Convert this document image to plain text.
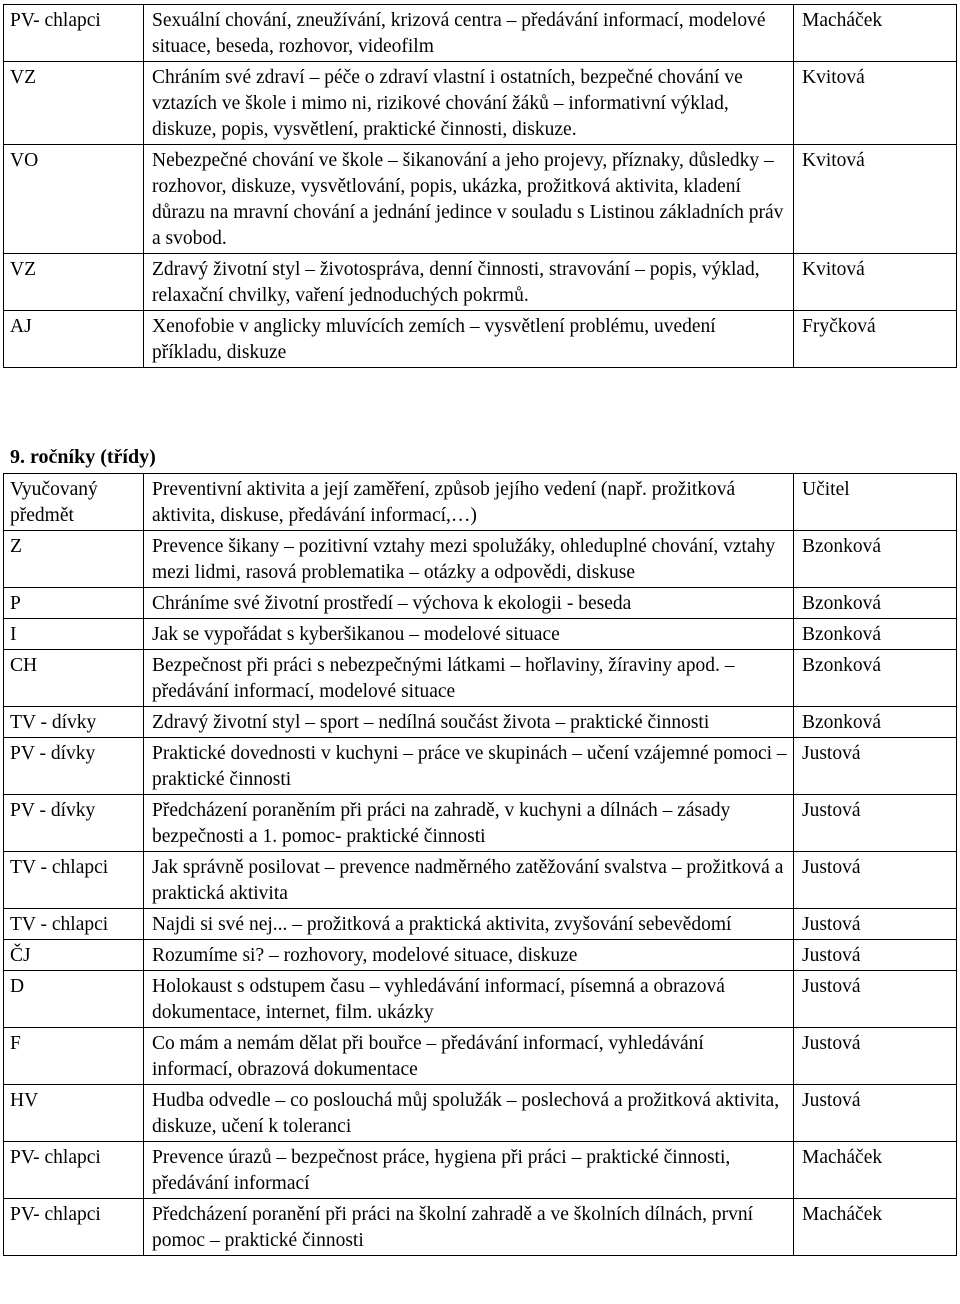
PV- chlapci	Sexuální chování, zneužívání, krizová centra – předávání informací, modelové situace, beseda, rozhovor, videofilm	Macháček
VZ	Chráním své zdraví – péče o zdraví vlastní i ostatních, bezpečné chování ve vztazích ve škole i mimo ni, rizikové chování žáků – informativní výklad, diskuze, popis, vysvětlení, praktické činnosti, diskuze.	Kvitová
VO	Nebezpečné chování ve škole – šikanování a jeho projevy, příznaky, důsledky – rozhovor, diskuze, vysvětlování, popis, ukázka, prožitková aktivita, kladení důrazu na mravní chování a jednání jedince v souladu s Listinou základních práv a svobod.	Kvitová
VZ	Zdravý životní styl – životospráva, denní činnosti, stravování – popis, výklad, relaxační chvilky, vaření jednoduchých pokrmů.	Kvitová
AJ	Xenofobie v anglicky mluvících zemích – vysvětlení problému, uvedení příkladu, diskuze	Fryčková
9. ročníky (třídy)
Vyučovaný předmět	Preventivní aktivita a její zaměření, způsob jejího vedení (např. prožitková aktivita, diskuse, předávání informací,…)	Učitel
Z	Prevence šikany – pozitivní vztahy mezi spolužáky, ohleduplné chování, vztahy mezi lidmi, rasová problematika – otázky a odpovědi, diskuse	Bzonková
P	Chráníme své životní prostředí – výchova k ekologii - beseda	Bzonková
I	Jak se vypořádat s kyberšikanou – modelové situace	Bzonková
CH	Bezpečnost při práci s nebezpečnými látkami – hořlaviny, žíraviny apod. – předávání informací, modelové situace	Bzonková
TV - dívky	Zdravý životní styl – sport – nedílná součást života – praktické činnosti	Bzonková
PV - dívky	Praktické dovednosti v kuchyni – práce ve skupinách – učení vzájemné pomoci – praktické činnosti	Justová
PV - dívky	Předcházení poraněním při práci na zahradě, v kuchyni a dílnách – zásady bezpečnosti a 1. pomoc- praktické činnosti	Justová
TV - chlapci	Jak správně posilovat – prevence nadměrného zatěžování svalstva – prožitková a praktická aktivita	Justová
TV - chlapci	Najdi si své nej... – prožitková a praktická aktivita, zvyšování sebevědomí	Justová
ČJ	Rozumíme si? – rozhovory, modelové situace, diskuze	Justová
D	Holokaust s odstupem času – vyhledávání informací, písemná a obrazová dokumentace, internet, film. ukázky	Justová
F	Co mám a nemám dělat při bouřce – předávání informací, vyhledávání informací, obrazová dokumentace	Justová
HV	Hudba odvedle – co poslouchá můj spolužák – poslechová a prožitková aktivita, diskuze, učení k toleranci	Justová
PV- chlapci	Prevence úrazů – bezpečnost práce, hygiena při práci – praktické činnosti, předávání informací	Macháček
PV- chlapci	Předcházení poranění při práci na školní zahradě a ve školních dílnách, první pomoc – praktické činnosti	Macháček
